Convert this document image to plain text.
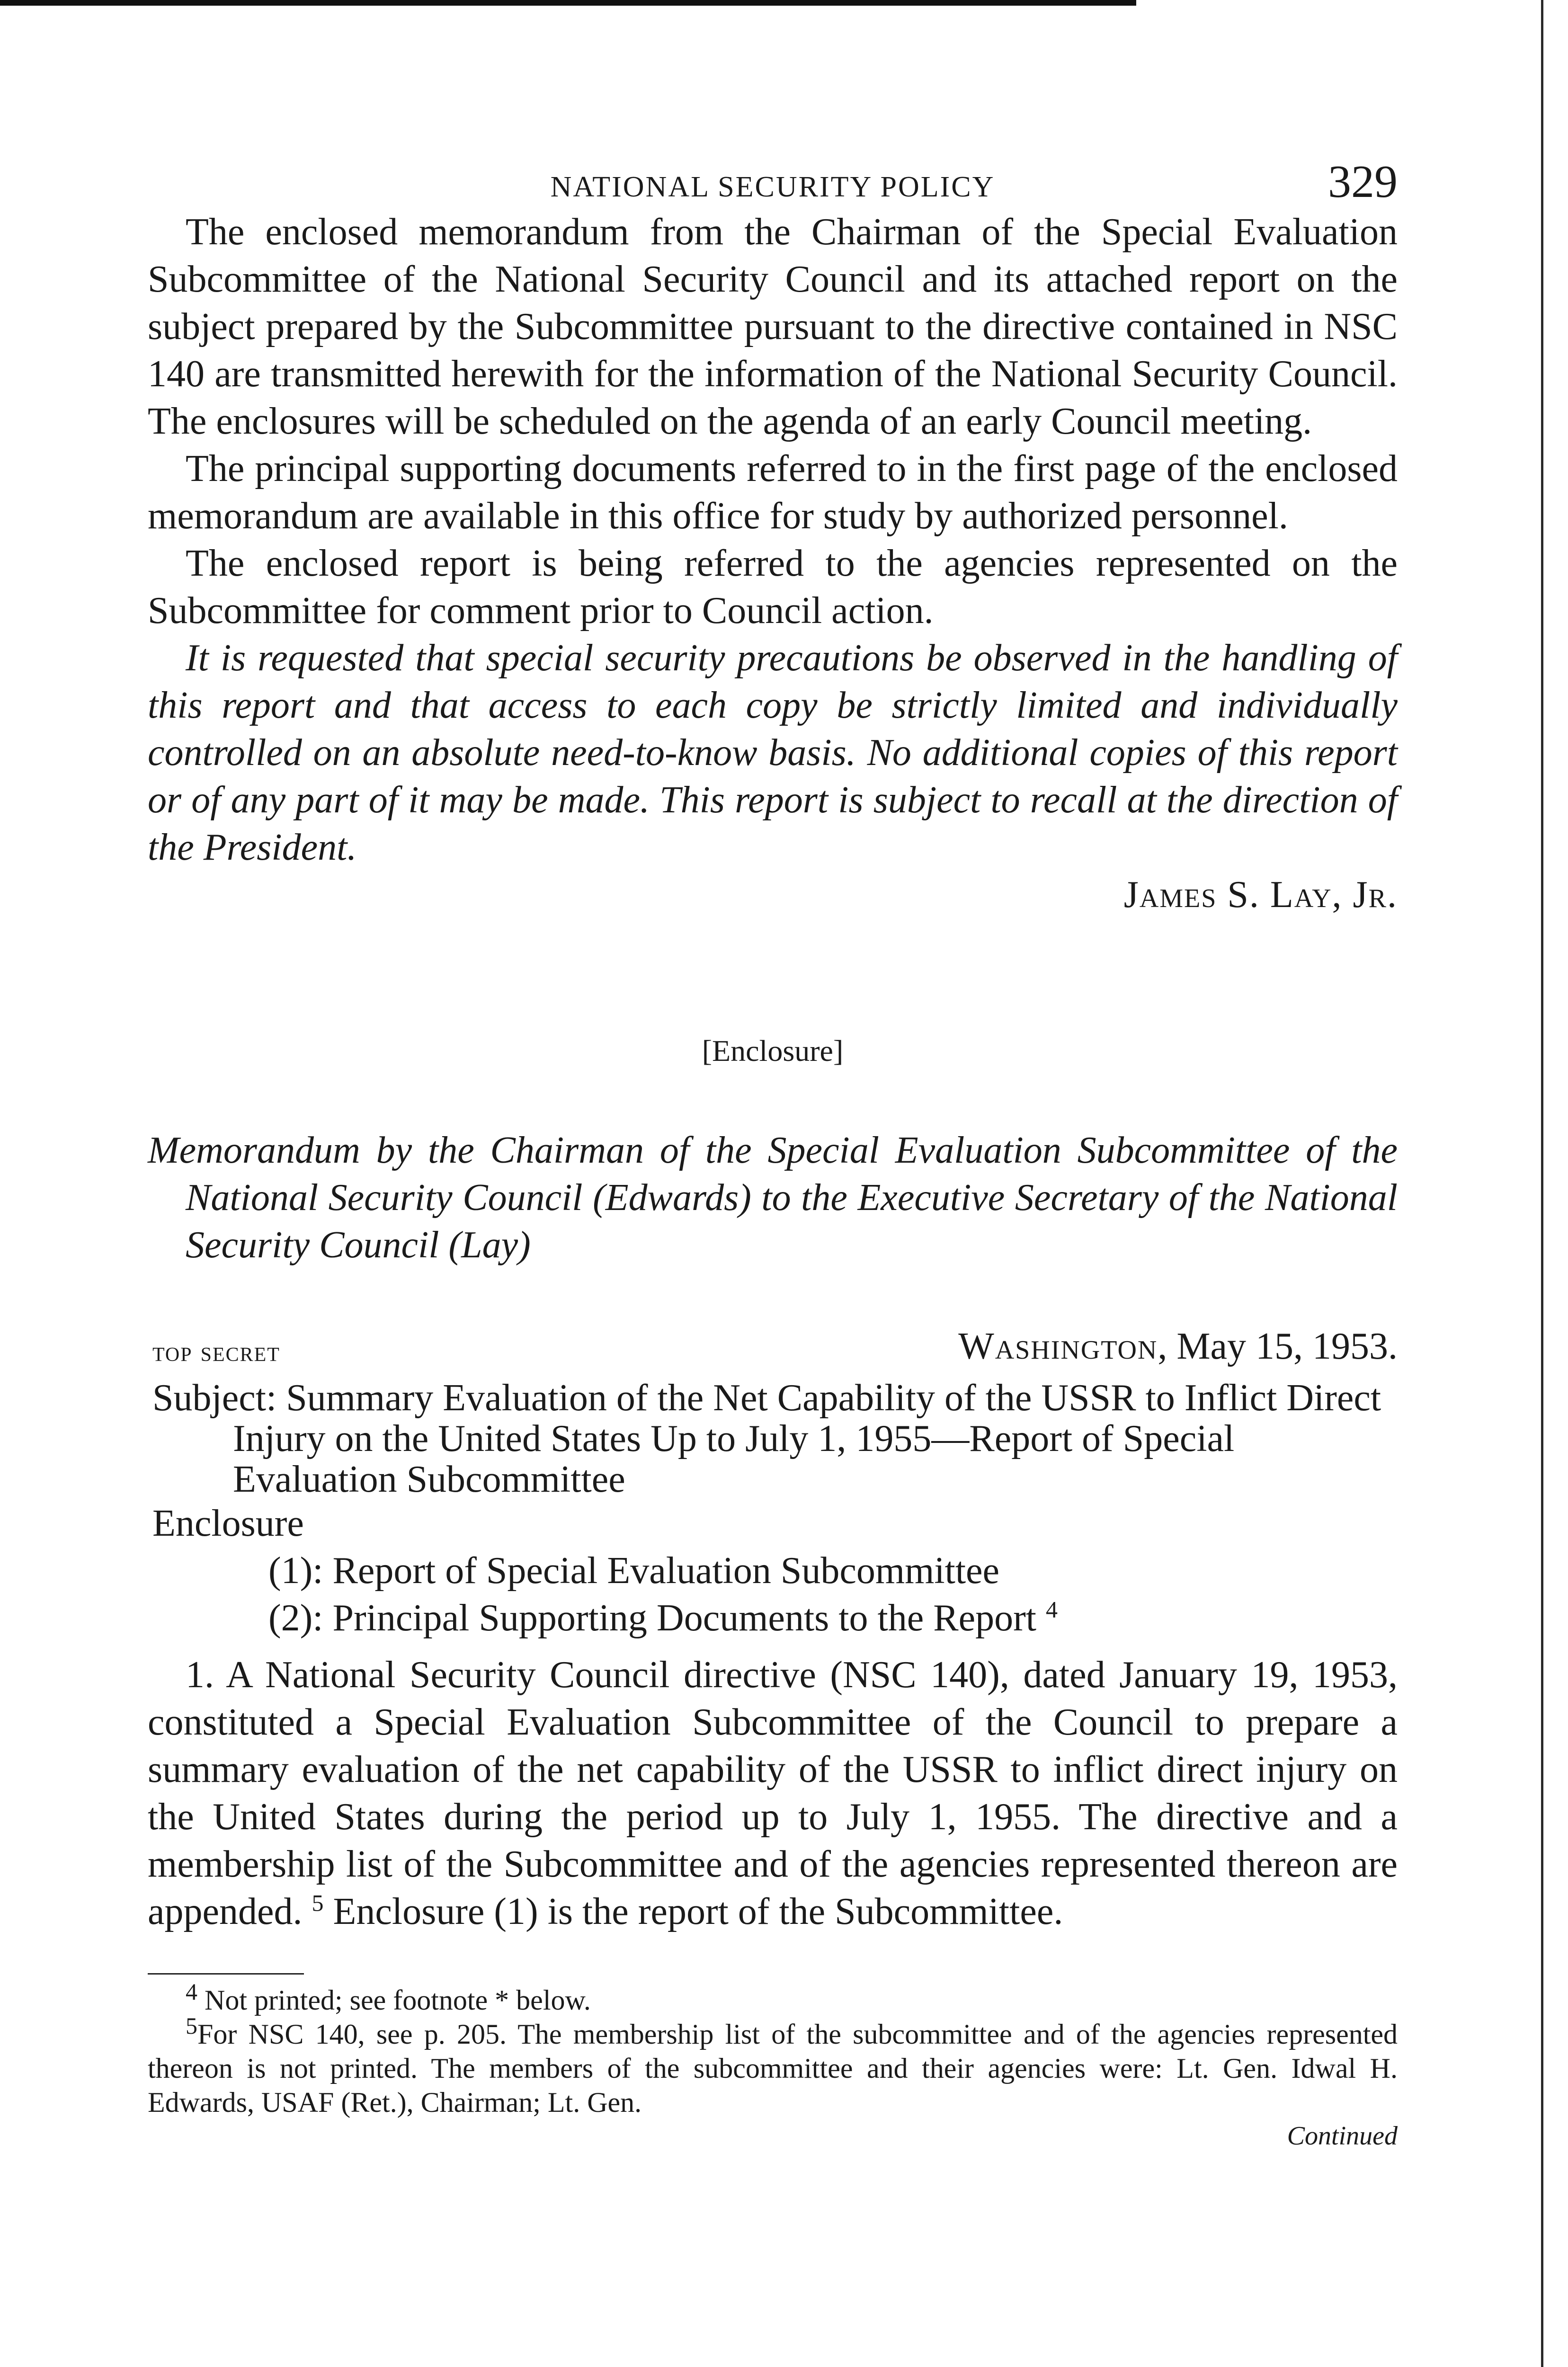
NATIONAL SECURITY POLICY	329

The enclosed memorandum from the Chairman of the Special Evaluation Subcommittee of the National Security Council and its attached report on the subject prepared by the Subcommittee pursuant to the directive contained in NSC 140 are transmitted herewith for the information of the National Security Council. The enclosures will be scheduled on the agenda of an early Council meeting.

The principal supporting documents referred to in the first page of the enclosed memorandum are available in this office for study by authorized personnel.

The enclosed report is being referred to the agencies represented on the Subcommittee for comment prior to Council action.

It is requested that special security precautions be observed in the handling of this report and that access to each copy be strictly limited and individually controlled on an absolute need-to-know basis. No additional copies of this report or of any part of it may be made. This report is subject to recall at the direction of the President.

James S. Lay, Jr.
[Enclosure]
Memorandum by the Chairman of the Special Evaluation Subcommittee of the National Security Council (Edwards) to the Executive Secretary of the National Security Council (Lay)
top secret	Washington, May 15, 1953.
Subject: Summary Evaluation of the Net Capability of the USSR to Inflict Direct Injury on the United States Up to July 1, 1955—Report of Special Evaluation Subcommittee
Enclosure
(1): Report of Special Evaluation Subcommittee
(2): Principal Supporting Documents to the Report $^4$

1. A National Security Council directive (NSC 140), dated January 19, 1953, constituted a Special Evaluation Subcommittee of the Council to prepare a summary evaluation of the net capability of the USSR to inflict direct injury on the United States during the period up to July 1, 1955. The directive and a membership list of the Subcommittee and of the agencies represented thereon are appended. $^5$ Enclosure (1) is the report of the Subcommittee.

$^4$ Not printed; see footnote * below.
$^5$For NSC 140, see p. 205. The membership list of the subcommittee and of the agencies represented thereon is not printed. The members of the subcommittee and their agencies were: Lt. Gen. Idwal H. Edwards, USAF (Ret.), Chairman; Lt. Gen.
Continued
